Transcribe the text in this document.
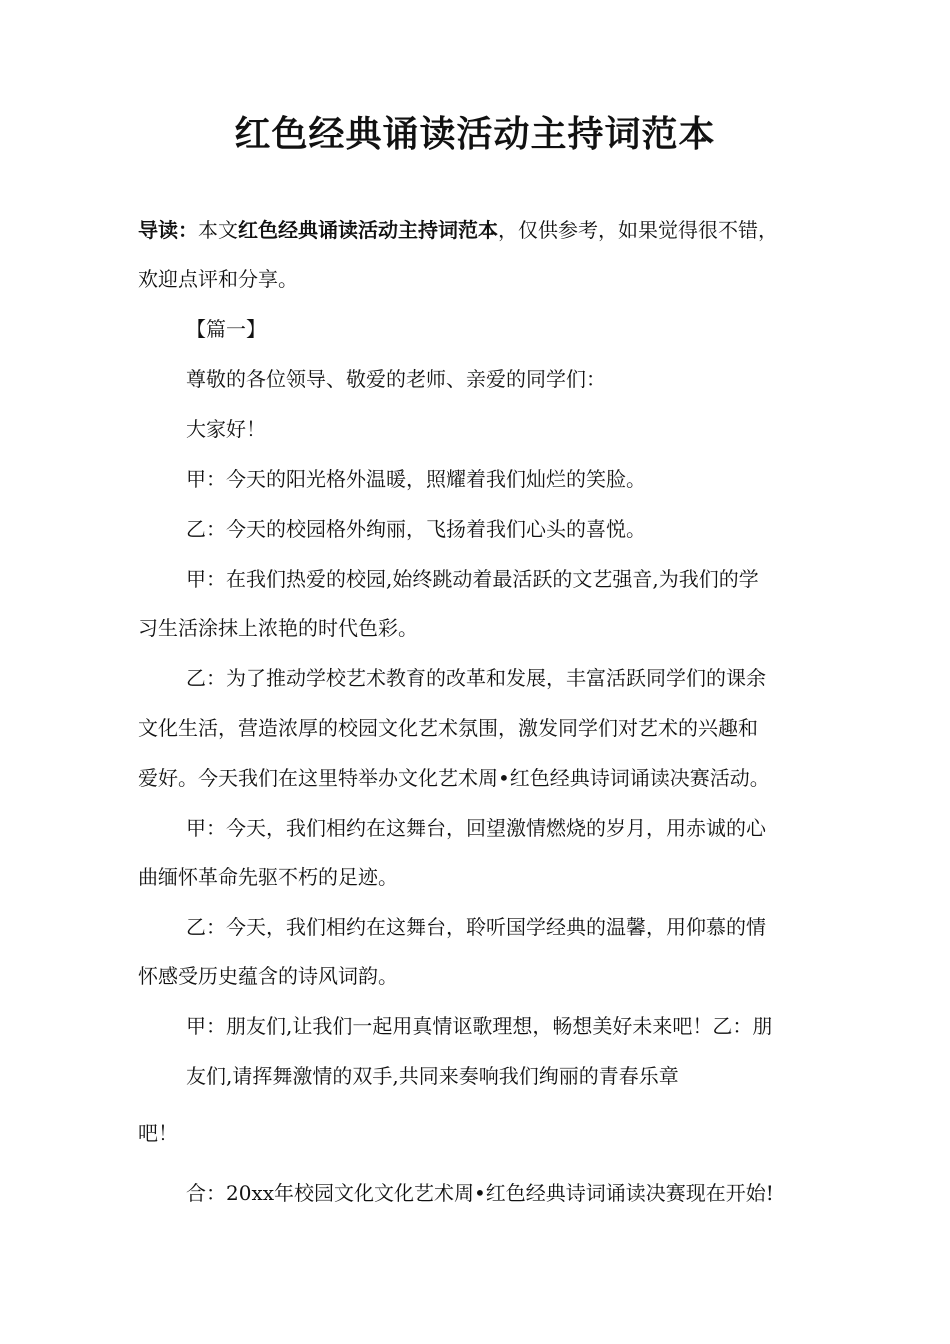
红色经典诵读活动主持词范本
导读：本文红色经典诵读活动主持词范本，仅供参考，如果觉得很不错，
欢迎点评和分享。
【篇一】
尊敬的各位领导、敬爱的老师、亲爱的同学们：
大家好！
甲：今天的阳光格外温暖，照耀着我们灿烂的笑脸。
乙：今天的校园格外绚丽，飞扬着我们心头的喜悦。
甲：在我们热爱的校园,始终跳动着最活跃的文艺强音,为我们的学
习生活涂抹上浓艳的时代色彩。
乙：为了推动学校艺术教育的改革和发展，丰富活跃同学们的课余
文化生活，营造浓厚的校园文化艺术氛围，激发同学们对艺术的兴趣和
爱好。今天我们在这里特举办文化艺术周•红色经典诗词诵读决赛活动。
甲：今天，我们相约在这舞台，回望激情燃烧的岁月，用赤诚的心
曲缅怀革命先驱不朽的足迹。
乙：今天，我们相约在这舞台，聆听国学经典的温馨，用仰慕的情
怀感受历史蕴含的诗风词韵。
甲：朋友们,让我们一起用真情讴歌理想，畅想美好未来吧！乙：朋
友们,请挥舞激情的双手,共同来奏响我们绚丽的青春乐章
吧！
合：20xx年校园文化文化艺术周•红色经典诗词诵读决赛现在开始!
